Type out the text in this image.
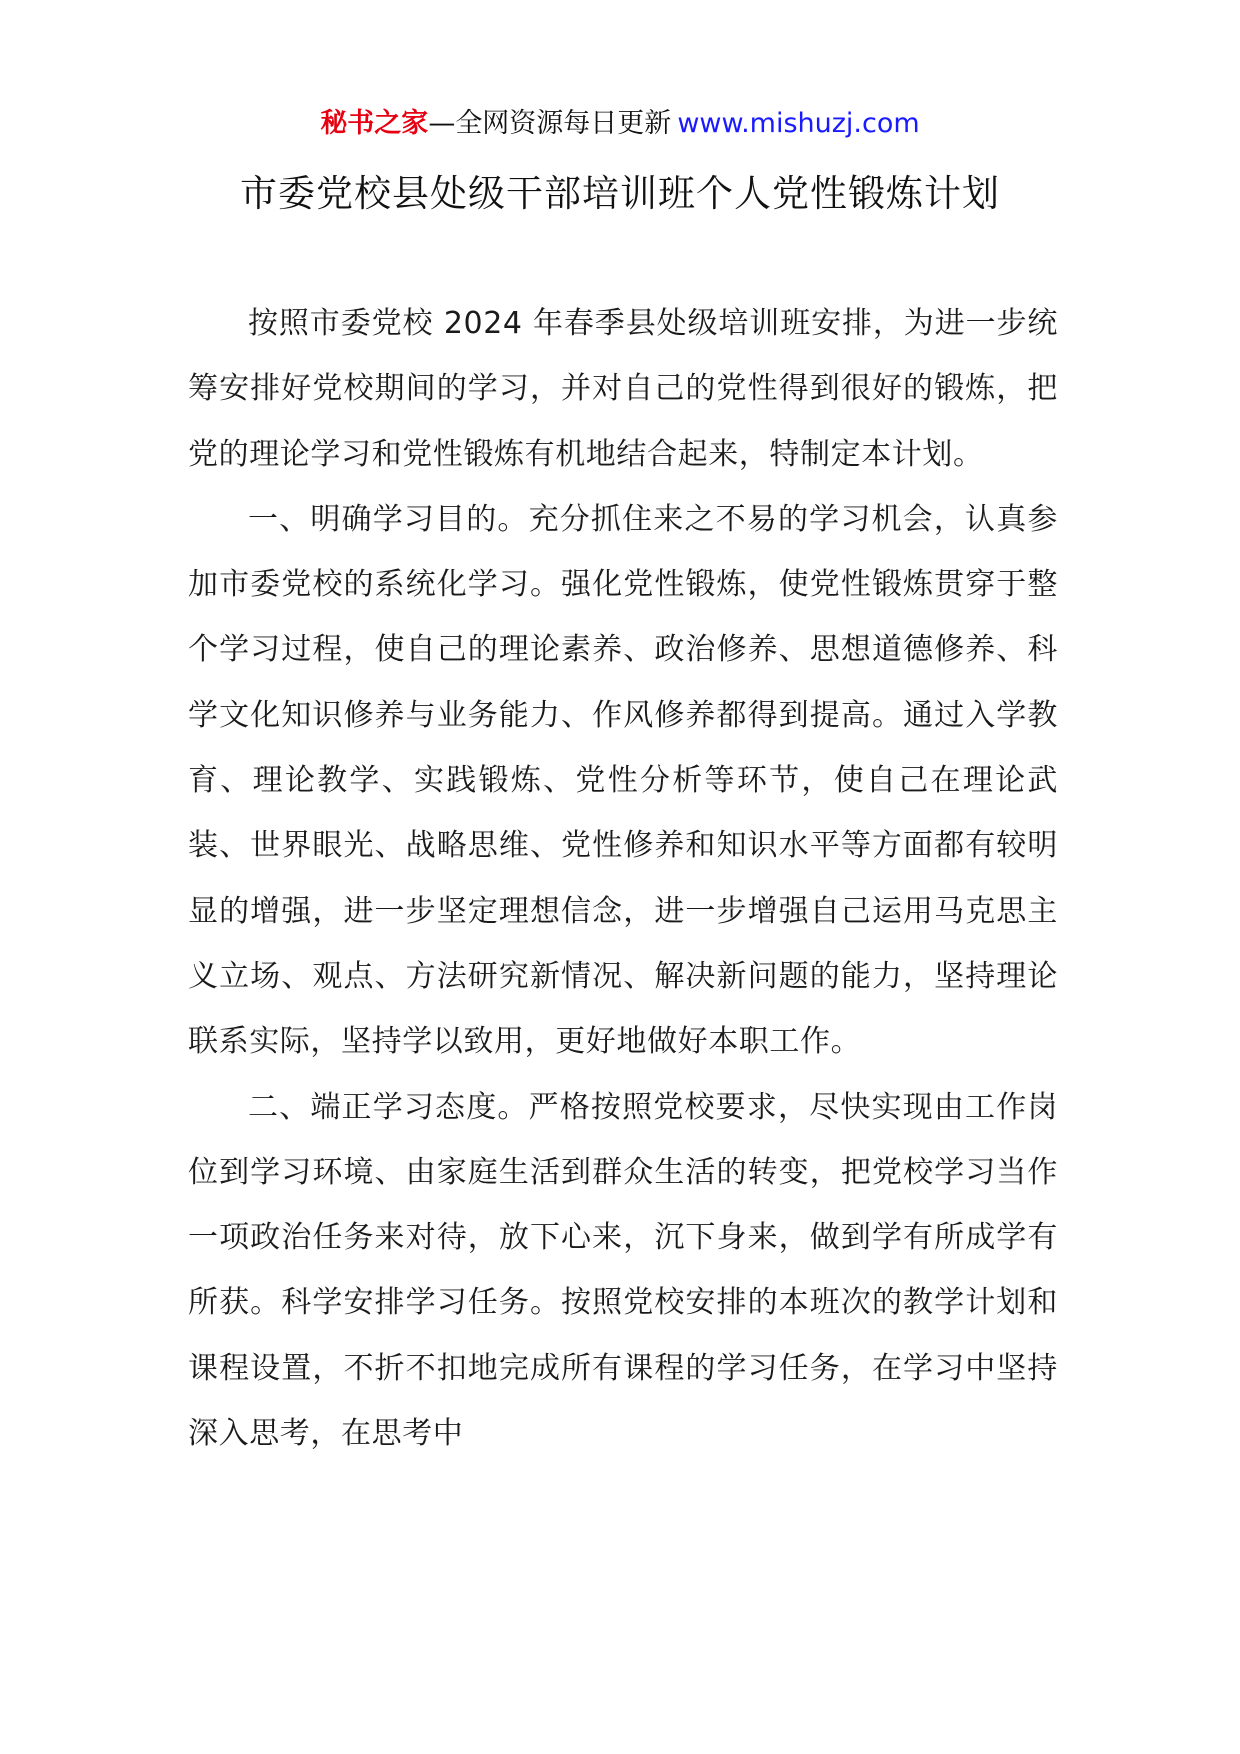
秘书之家—全网资源每日更新 www.mishuzj.com
市委党校县处级干部培训班个人党性锻炼计划

按照市委党校 2024 年春季县处级培训班安排，为进一步统筹安排好党校期间的学习，并对自己的党性得到很好的锻炼，把党的理论学习和党性锻炼有机地结合起来，特制定本计划。

一、明确学习目的。充分抓住来之不易的学习机会，认真参加市委党校的系统化学习。强化党性锻炼，使党性锻炼贯穿于整个学习过程，使自己的理论素养、政治修养、思想道德修养、科学文化知识修养与业务能力、作风修养都得到提高。通过入学教育、理论教学、实践锻炼、党性分析等环节，使自己在理论武装、世界眼光、战略思维、党性修养和知识水平等方面都有较明显的增强，进一步坚定理想信念，进一步增强自己运用马克思主义立场、观点、方法研究新情况、解决新问题的能力，坚持理论联系实际，坚持学以致用，更好地做好本职工作。

二、端正学习态度。严格按照党校要求，尽快实现由工作岗位到学习环境、由家庭生活到群众生活的转变，把党校学习当作一项政治任务来对待，放下心来，沉下身来，做到学有所成学有所获。科学安排学习任务。按照党校安排的本班次的教学计划和课程设置，不折不扣地完成所有课程的学习任务，在学习中坚持深入思考，在思考中
